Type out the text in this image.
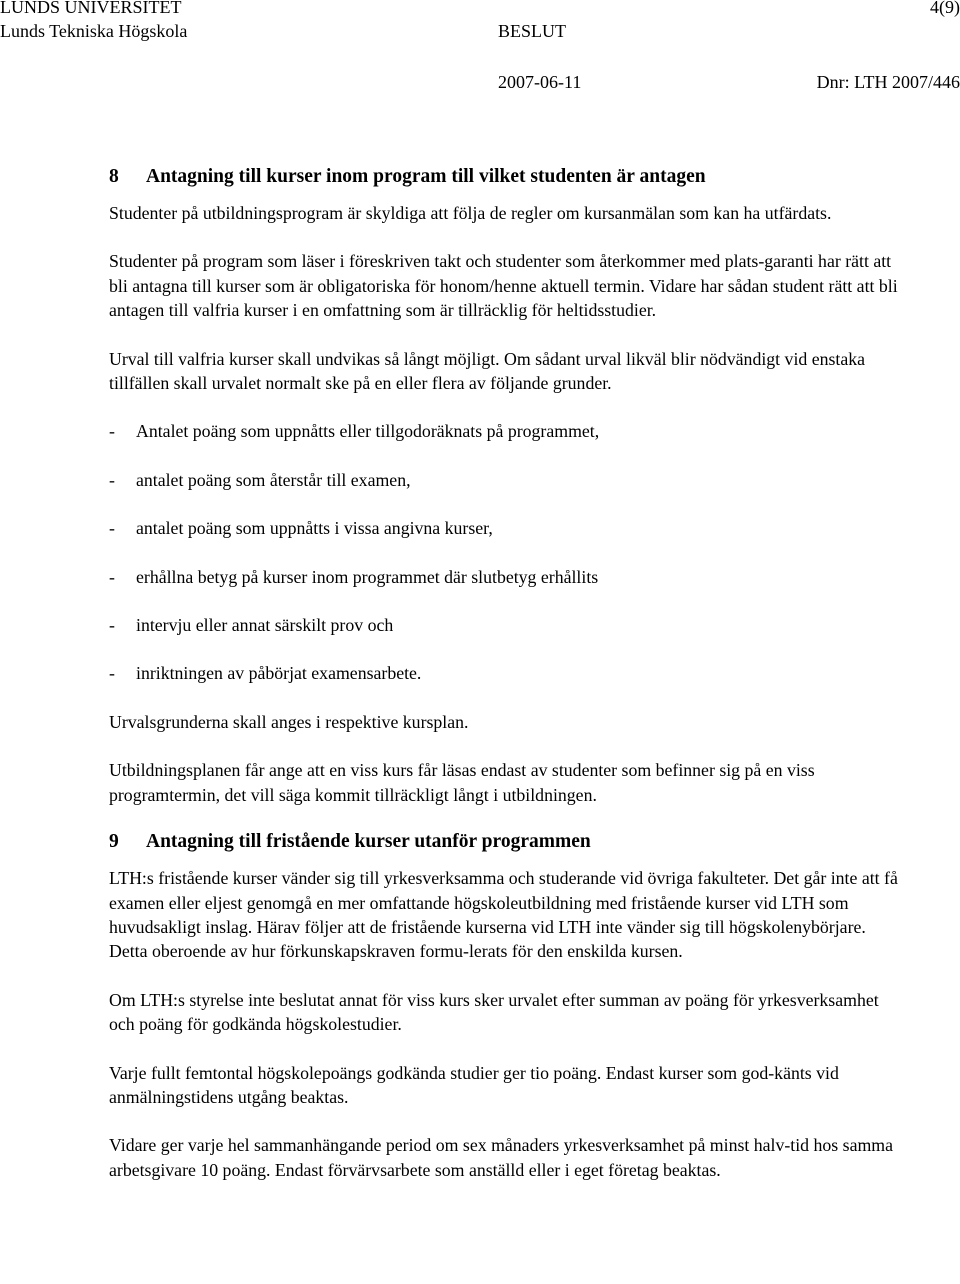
LUNDS UNIVERSITET
Lunds Tekniska Högskola	BESLUT
4(9)
2007-06-11	Dnr: LTH 2007/446
8	Antagning till kurser inom program till vilket studenten är antagen

Studenter på utbildningsprogram är skyldiga att följa de regler om kursanmälan som kan ha utfärdats.

Studenter på program som läser i föreskriven takt och studenter som återkommer med plats-garanti har rätt att bli antagna till kurser som är obligatoriska för honom/henne aktuell termin. Vidare har sådan student rätt att bli antagen till valfria kurser i en omfattning som är tillräcklig för heltidsstudier.

Urval till valfria kurser skall undvikas så långt möjligt. Om sådant urval likväl blir nödvändigt vid enstaka tillfällen skall urvalet normalt ske på en eller flera av följande grunder.

-	Antalet poäng som uppnåtts eller tillgodoräknats på programmet,
-	antalet poäng som återstår till examen,
-	antalet poäng som uppnåtts i vissa angivna kurser,
-	erhållna betyg på kurser inom programmet där slutbetyg erhållits
-	intervju eller annat särskilt prov och
-	inriktningen av påbörjat examensarbete.

Urvalsgrunderna skall anges i respektive kursplan.

Utbildningsplanen får ange att en viss kurs får läsas endast av studenter som befinner sig på en viss programtermin, det vill säga kommit tillräckligt långt i utbildningen.

9	Antagning till fristående kurser utanför programmen

LTH:s fristående kurser vänder sig till yrkesverksamma och studerande vid övriga fakulteter. Det går inte att få examen eller eljest genomgå en mer omfattande högskoleutbildning med fristående kurser vid LTH som huvudsakligt inslag. Härav följer att de fristående kurserna vid LTH inte vänder sig till högskolenybörjare. Detta oberoende av hur förkunskapskraven formu-lerats för den enskilda kursen.

Om LTH:s styrelse inte beslutat annat för viss kurs sker urvalet efter summan av poäng för yrkesverksamhet och poäng för godkända högskolestudier.

Varje fullt femtontal högskolepoängs godkända studier ger tio poäng. Endast kurser som god-känts vid anmälningstidens utgång beaktas.

Vidare ger varje hel sammanhängande period om sex månaders yrkesverksamhet på minst halv-tid hos samma arbetsgivare 10 poäng. Endast förvärvsarbete som anställd eller i eget företag beaktas.
